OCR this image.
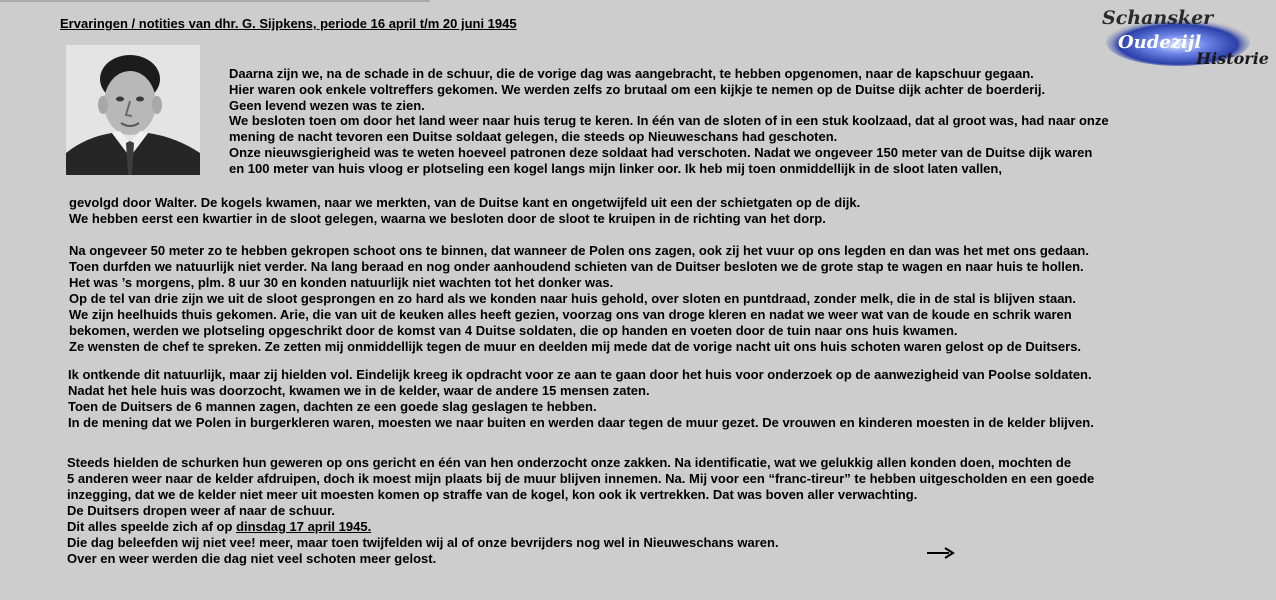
Ervaringen / notities van dhr. G. Sijpkens, periode 16 april t/m 20 juni 1945	Schansker
Oudezijl
Historie

Daarna zijn we, na de schade in de schuur, die de vorige dag was aangebracht, te hebben opgenomen, naar de kapschuur gegaan.

Hier waren ook enkele voltreffers gekomen. We werden zelfs zo brutaal om een kijkje te nemen op de Duitse dijk achter de boerderij.

Geen levend wezen was te zien.

We besloten toen om door het land weer naar huis terug te keren. In één van de sloten of in een stuk koolzaad, dat al groot was, had naar onze

mening de nacht tevoren een Duitse soldaat gelegen, die steeds op Nieuweschans had geschoten.

Onze nieuwsgierigheid was te weten hoeveel patronen deze soldaat had verschoten. Nadat we ongeveer 150 meter van de Duitse dijk waren

en 100 meter van huis vloog er plotseling een kogel langs mijn linker oor. Ik heb mij toen onmiddellijk in de sloot laten vallen,

gevolgd door Walter. De kogels kwamen, naar we merkten, van de Duitse kant en ongetwijfeld uit een der schietgaten op de dijk.

We hebben eerst een kwartier in de sloot gelegen, waarna we besloten door de sloot te kruipen in de richting van het dorp.

Na ongeveer 50 meter zo te hebben gekropen schoot ons te binnen, dat wanneer de Polen ons zagen, ook zij het vuur op ons legden en dan was het met ons gedaan.

Toen durfden we natuurlijk niet verder. Na lang beraad en nog onder aanhoudend schieten van de Duitser besloten we de grote stap te wagen en naar huis te hollen.

Het was ’s morgens, plm. 8 uur 30 en konden natuurlijk niet wachten tot het donker was.

Op de tel van drie zijn we uit de sloot gesprongen en zo hard als we konden naar huis gehold, over sloten en puntdraad, zonder melk, die in de stal is blijven staan.

We zijn heelhuids thuis gekomen. Arie, die van uit de keuken alles heeft gezien, voorzag ons van droge kleren en nadat we weer wat van de koude en schrik waren

bekomen, werden we plotseling opgeschrikt door de komst van 4 Duitse soldaten, die op handen en voeten door de tuin naar ons huis kwamen.

Ze wensten de chef te spreken. Ze zetten mij onmiddellijk tegen de muur en deelden mij mede dat de vorige nacht uit ons huis schoten waren gelost op de Duitsers.

Ik ontkende dit natuurlijk, maar zij hielden vol. Eindelijk kreeg ik opdracht voor ze aan te gaan door het huis voor onderzoek op de aanwezigheid van Poolse soldaten.

Nadat het hele huis was doorzocht, kwamen we in de kelder, waar de andere 15 mensen zaten.

Toen de Duitsers de 6 mannen zagen, dachten ze een goede slag geslagen te hebben.

In de mening dat we Polen in burgerkleren waren, moesten we naar buiten en werden daar tegen de muur gezet. De vrouwen en kinderen moesten in de kelder blijven.

Steeds hielden de schurken hun geweren op ons gericht en één van hen onderzocht onze zakken. Na identificatie, wat we gelukkig allen konden doen, mochten de

5 anderen weer naar de kelder afdruipen, doch ik moest mijn plaats bij de muur blijven innemen. Na. Mij voor een “franc-tireur” te hebben uitgescholden en een goede

inzegging, dat we de kelder niet meer uit moesten komen op straffe van de kogel, kon ook ik vertrekken. Dat was boven aller verwachting.

De Duitsers dropen weer af naar de schuur.

Dit alles speelde zich af op dinsdag 17 april 1945.

Die dag beleefden wij niet vee! meer, maar toen twijfelden wij al of onze bevrijders nog wel in Nieuweschans waren.

Over en weer werden die dag niet veel schoten meer gelost.
